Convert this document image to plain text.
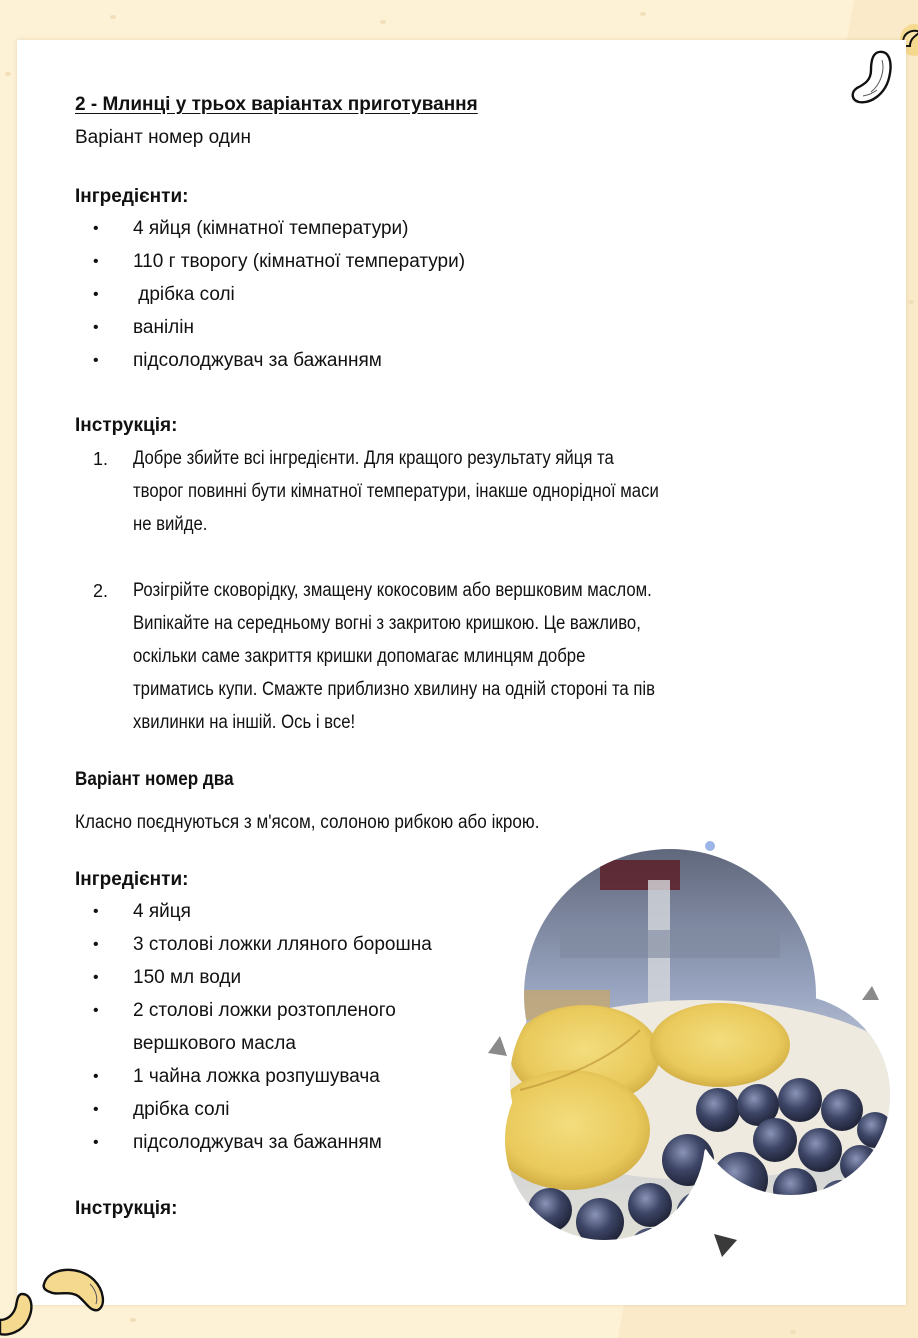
2 - Млинці у трьох варіантах приготування
Варіант номер один
Інгредієнти:
• 4 яйця (кімнатної температури)
• 110 г творогу (кімнатної температури)
• дрібка солі
• ванілін
• підсолоджувач за бажанням
Інструкція:
1. Добре збийте всі інгредієнти. Для кращого результату яйця та
творог повинні бути кімнатної температури, інакше однорідної маси
не вийде.
2. Розігрійте сковорідку, змащену кокосовим або вершковим маслом.
Випікайте на середньому вогні з закритою кришкою. Це важливо,
оскільки саме закриття кришки допомагає млинцям добре
триматись купи. Смажте приблизно хвилину на одній стороні та пів
хвилинки на іншій. Ось і все!
Варіант номер два
Класно поєднуються з м'ясом, солоною рибкою або ікрою.
Інгредієнти:
• 4 яйця
• 3 столові ложки лляного борошна
• 150 мл води
• 2 столові ложки розтопленого
вершкового масла
• 1 чайна ложка розпушувача
• дрібка солі
• підсолоджувач за бажанням
Інструкція:
